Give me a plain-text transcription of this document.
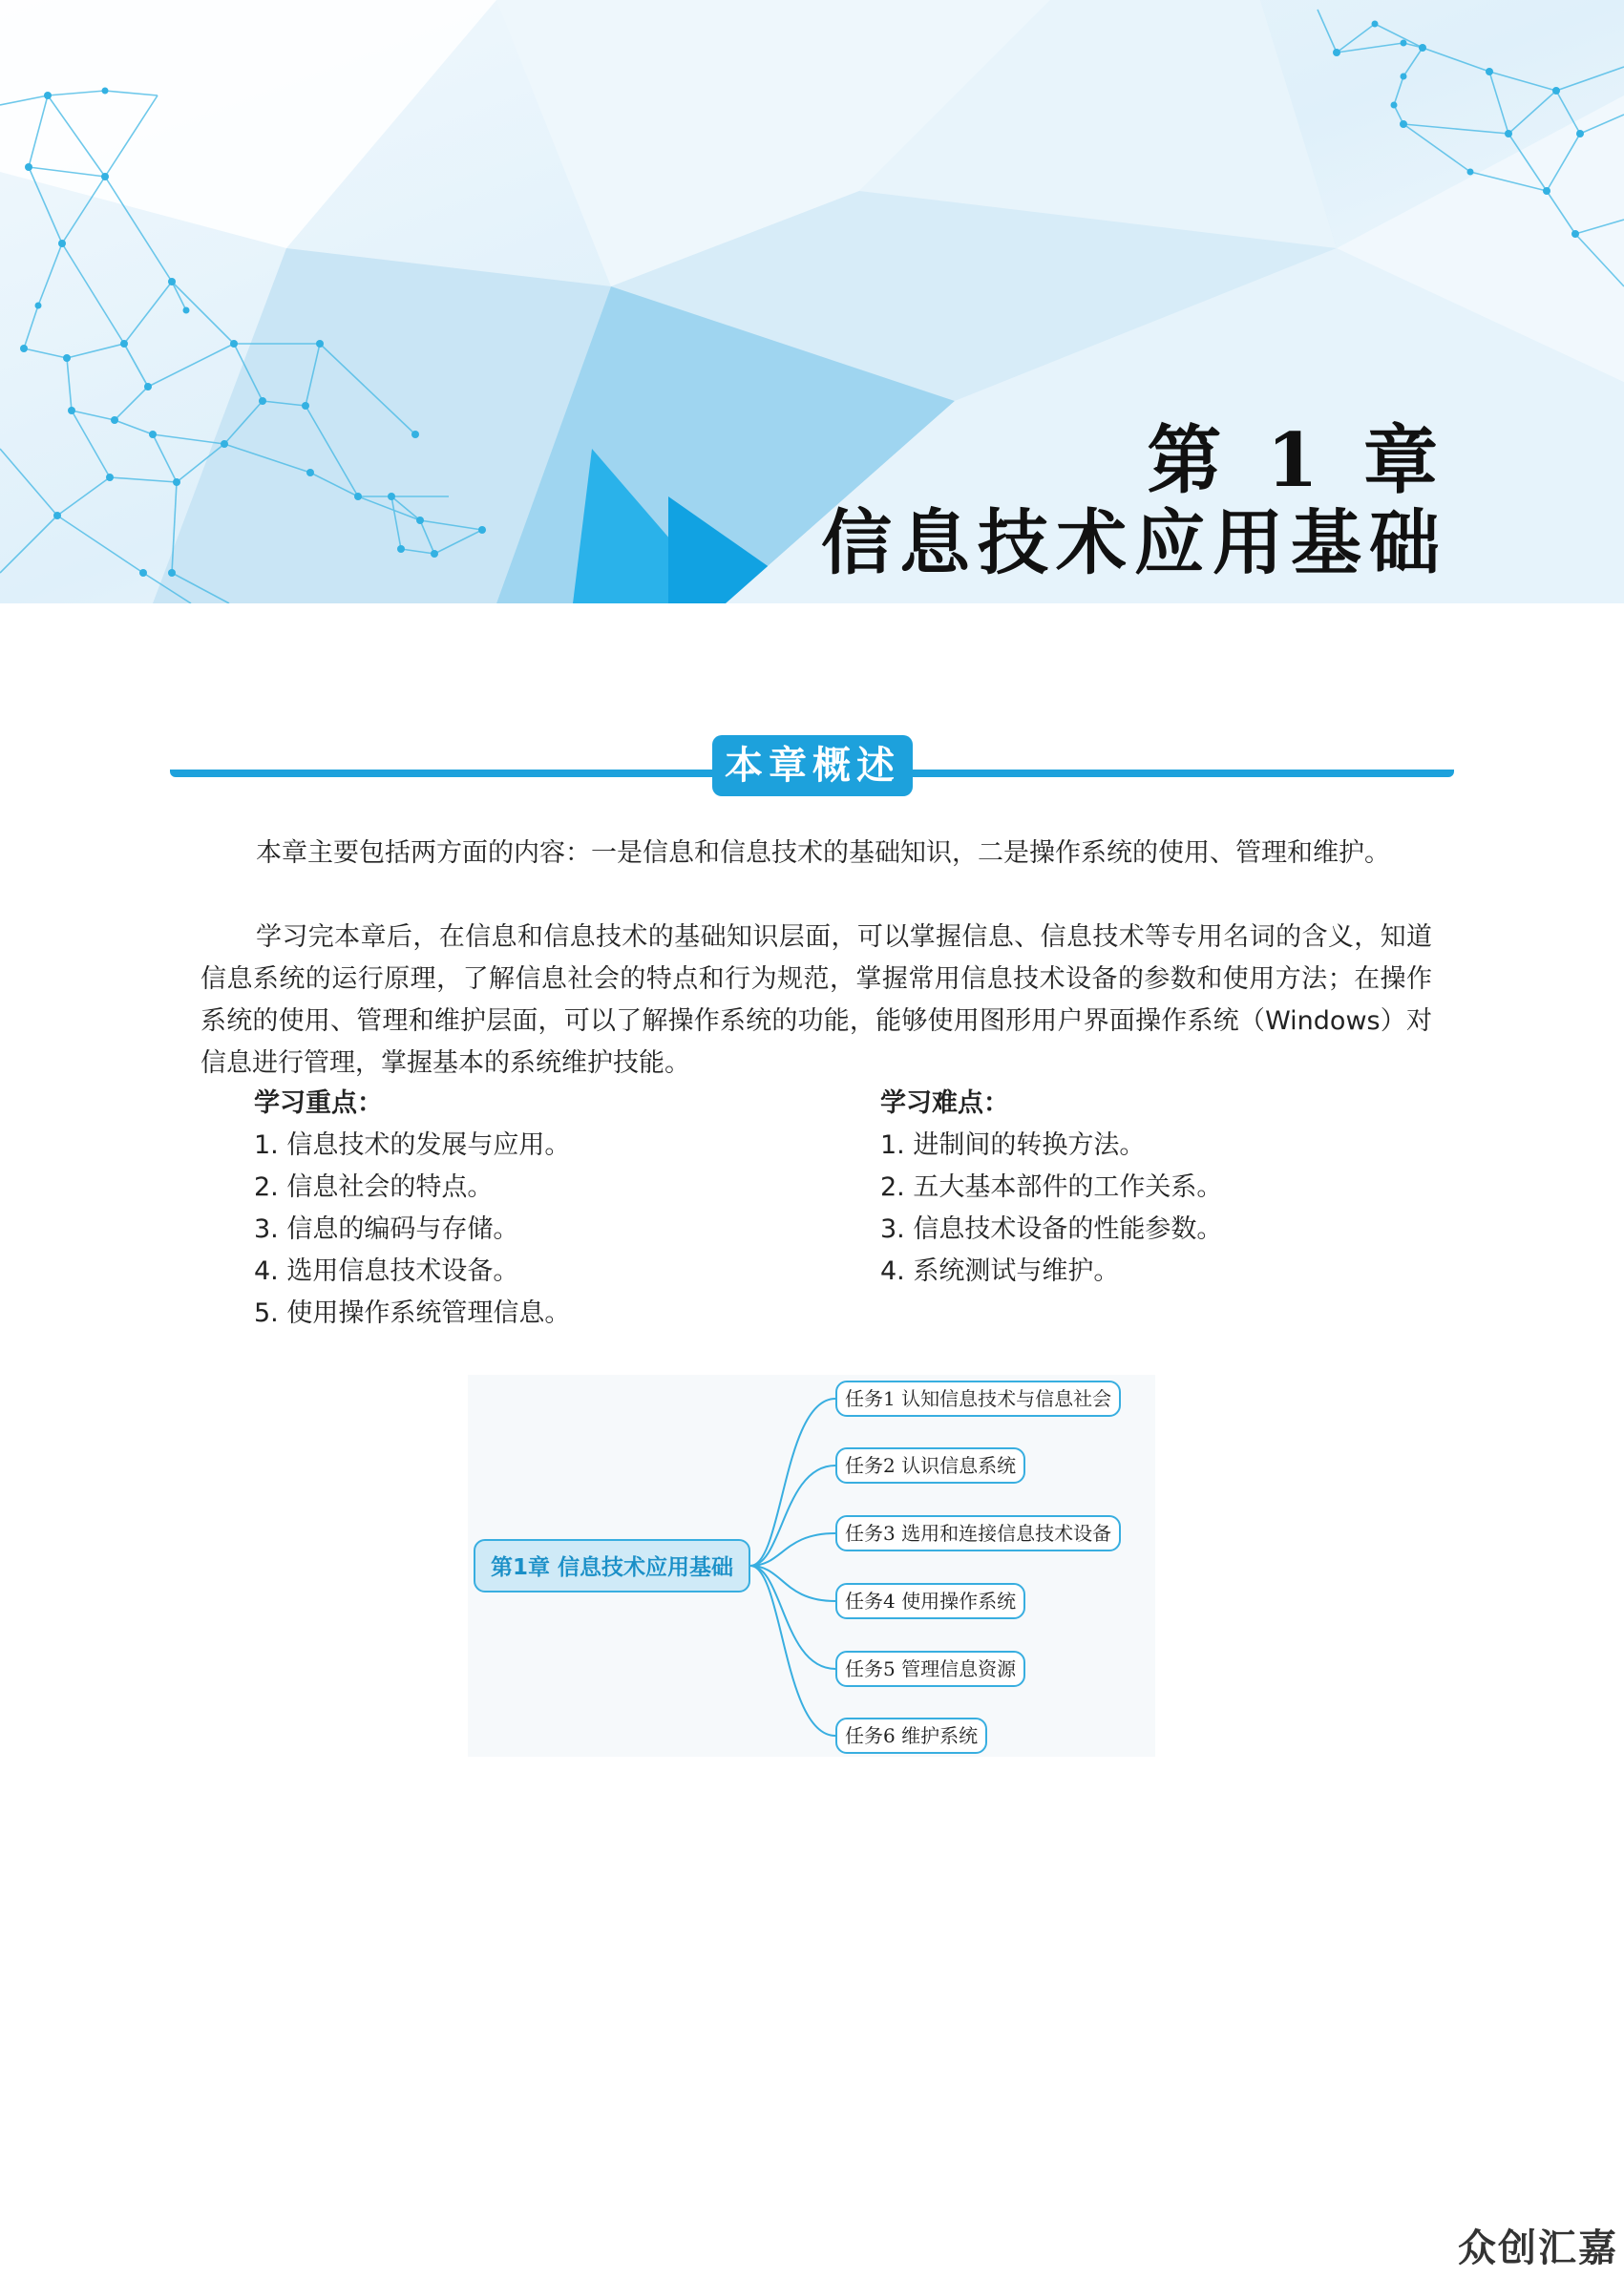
第 1 章
信息技术应用基础
本章概述
本章主要包括两方面的内容：一是信息和信息技术的基础知识，二是操作系统的使用、管理和维护。
学习完本章后，在信息和信息技术的基础知识层面，可以掌握信息、信息技术等专用名词的含义，知道信息系统的运行原理，了解信息社会的特点和行为规范，掌握常用信息技术设备的参数和使用方法；在操作系统的使用、管理和维护层面，可以了解操作系统的功能，能够使用图形用户界面操作系统（Windows）对信息进行管理，掌握基本的系统维护技能。
学习重点：
1. 信息技术的发展与应用。
2. 信息社会的特点。
3. 信息的编码与存储。
4. 选用信息技术设备。
5. 使用操作系统管理信息。
学习难点：
1. 进制间的转换方法。
2. 五大基本部件的工作关系。
3. 信息技术设备的性能参数。
4. 系统测试与维护。
第1章 信息技术应用基础
任务1 认知信息技术与信息社会
任务2 认识信息系统
任务3 选用和连接信息技术设备
任务4 使用操作系统
任务5 管理信息资源
任务6 维护系统
众创汇嘉
